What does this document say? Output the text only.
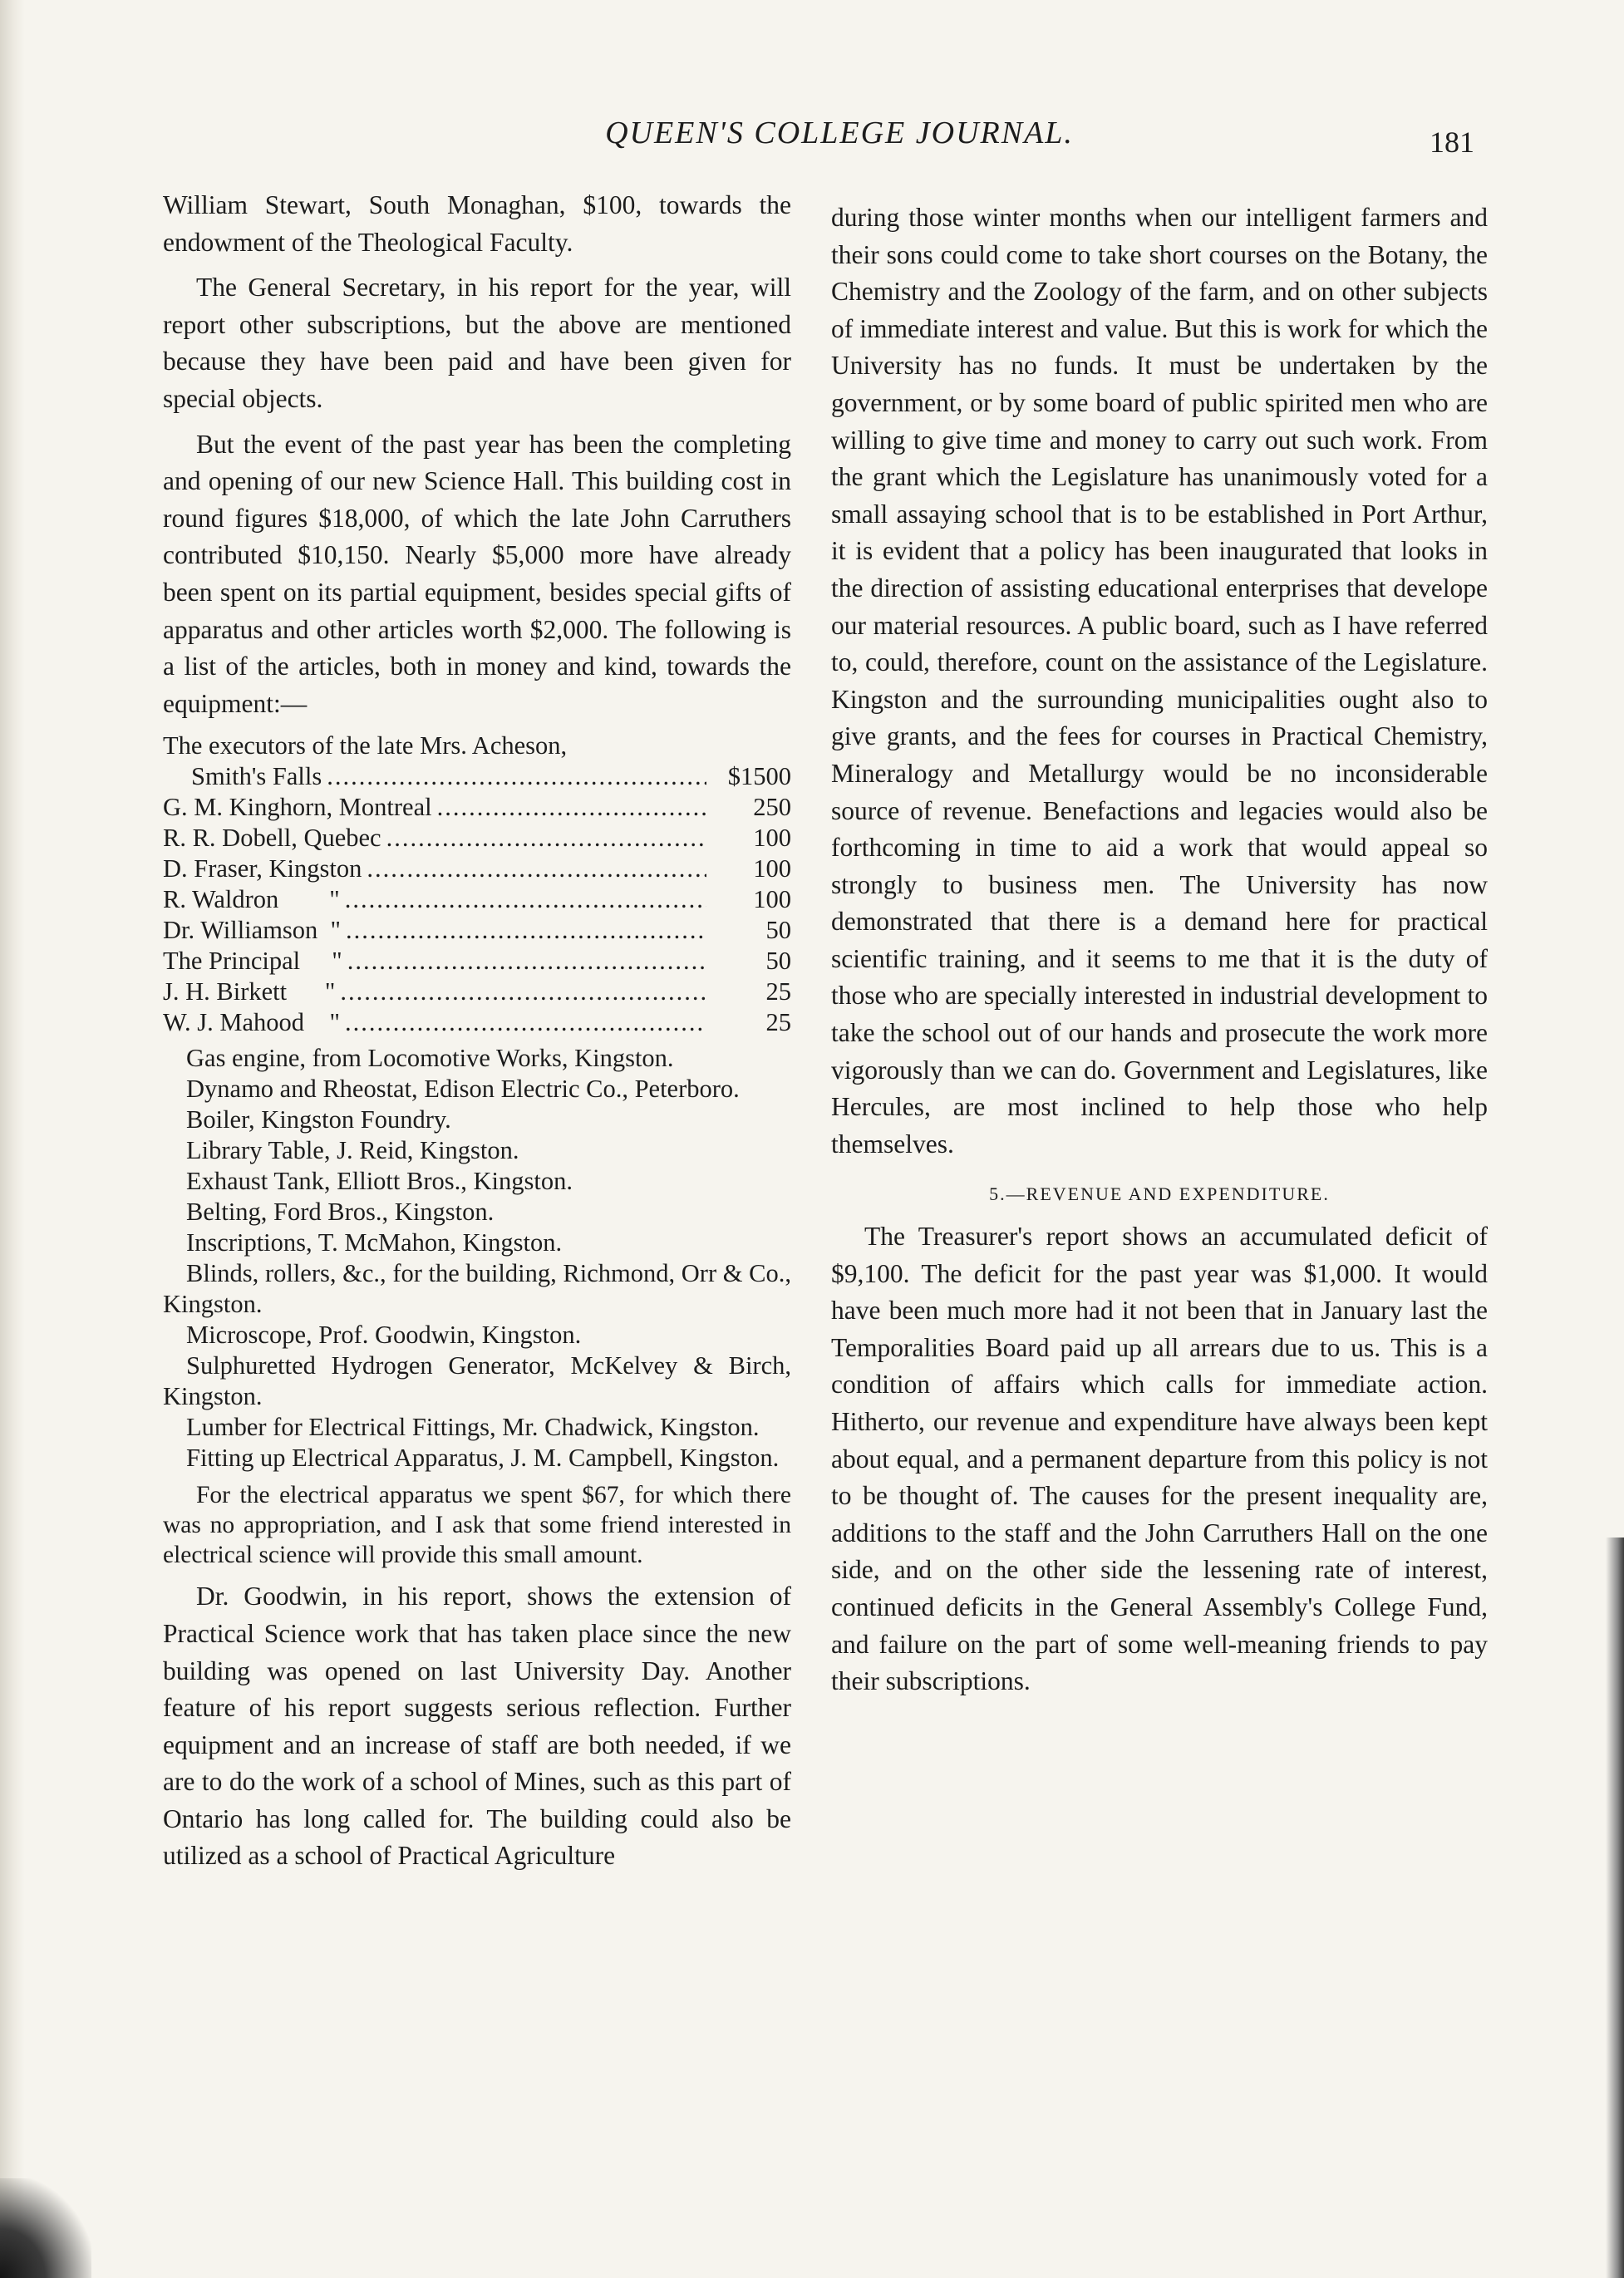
QUEEN'S COLLEGE JOURNAL.	181

William Stewart, South Monaghan, $100, towards the endowment of the Theological Faculty.

The General Secretary, in his report for the year, will report other subscriptions, but the above are mentioned because they have been paid and have been given for special objects.

But the event of the past year has been the completing and opening of our new Science Hall. This building cost in round figures $18,000, of which the late John Carruthers contributed $10,150. Nearly $5,000 more have already been spent on its partial equipment, besides special gifts of apparatus and other articles worth $2,000. The following is a list of the articles, both in money and kind, towards the equipment:—

The executors of the late Mrs. Acheson,
Smith's Falls .....	$1500
G. M. Kinghorn, Montreal .....	250
R. R. Dobell, Quebec .....	100
D. Fraser, Kingston .....	100
R. Waldron        " .....	100
Dr. Williamson  " .....	50
The Principal     " .....	50
J. H. Birkett      " .....	25
W. J. Mahood    " .....	25
Gas engine, from Locomotive Works, Kingston.
Dynamo and Rheostat, Edison Electric Co., Peterboro.
Boiler, Kingston Foundry.
Library Table, J. Reid, Kingston.
Exhaust Tank, Elliott Bros., Kingston.
Belting, Ford Bros., Kingston.
Inscriptions, T. McMahon, Kingston.
Blinds, rollers, &c., for the building, Richmond, Orr & Co., Kingston.
Microscope, Prof. Goodwin, Kingston.
Sulphuretted Hydrogen Generator, McKelvey & Birch, Kingston.
Lumber for Electrical Fittings, Mr. Chadwick, Kingston.
Fitting up Electrical Apparatus, J. M. Campbell, Kingston.

For the electrical apparatus we spent $67, for which there was no appropriation, and I ask that some friend interested in electrical science will provide this small amount.

Dr. Goodwin, in his report, shows the extension of Practical Science work that has taken place since the new building was opened on last University Day. Another feature of his report suggests serious reflection. Further equipment and an increase of staff are both needed, if we are to do the work of a school of Mines, such as this part of Ontario has long called for. The building could also be utilized as a school of Practical Agriculture

during those winter months when our intelligent farmers and their sons could come to take short courses on the Botany, the Chemistry and the Zoology of the farm, and on other subjects of immediate interest and value. But this is work for which the University has no funds. It must be undertaken by the government, or by some board of public spirited men who are willing to give time and money to carry out such work. From the grant which the Legislature has unanimously voted for a small assaying school that is to be established in Port Arthur, it is evident that a policy has been inaugurated that looks in the direction of assisting educational enterprises that develope our material resources. A public board, such as I have referred to, could, therefore, count on the assistance of the Legislature. Kingston and the surrounding municipalities ought also to give grants, and the fees for courses in Practical Chemistry, Mineralogy and Metallurgy would be no inconsiderable source of revenue. Benefactions and legacies would also be forthcoming in time to aid a work that would appeal so strongly to business men. The University has now demonstrated that there is a demand here for practical scientific training, and it seems to me that it is the duty of those who are specially interested in industrial development to take the school out of our hands and prosecute the work more vigorously than we can do. Government and Legislatures, like Hercules, are most inclined to help those who help themselves.

5.—REVENUE AND EXPENDITURE.

The Treasurer's report shows an accumulated deficit of $9,100. The deficit for the past year was $1,000. It would have been much more had it not been that in January last the Temporalities Board paid up all arrears due to us. This is a condition of affairs which calls for immediate action. Hitherto, our revenue and expenditure have always been kept about equal, and a permanent departure from this policy is not to be thought of. The causes for the present inequality are, additions to the staff and the John Carruthers Hall on the one side, and on the other side the lessening rate of interest, continued deficits in the General Assembly's College Fund, and failure on the part of some well-meaning friends to pay their subscriptions.
